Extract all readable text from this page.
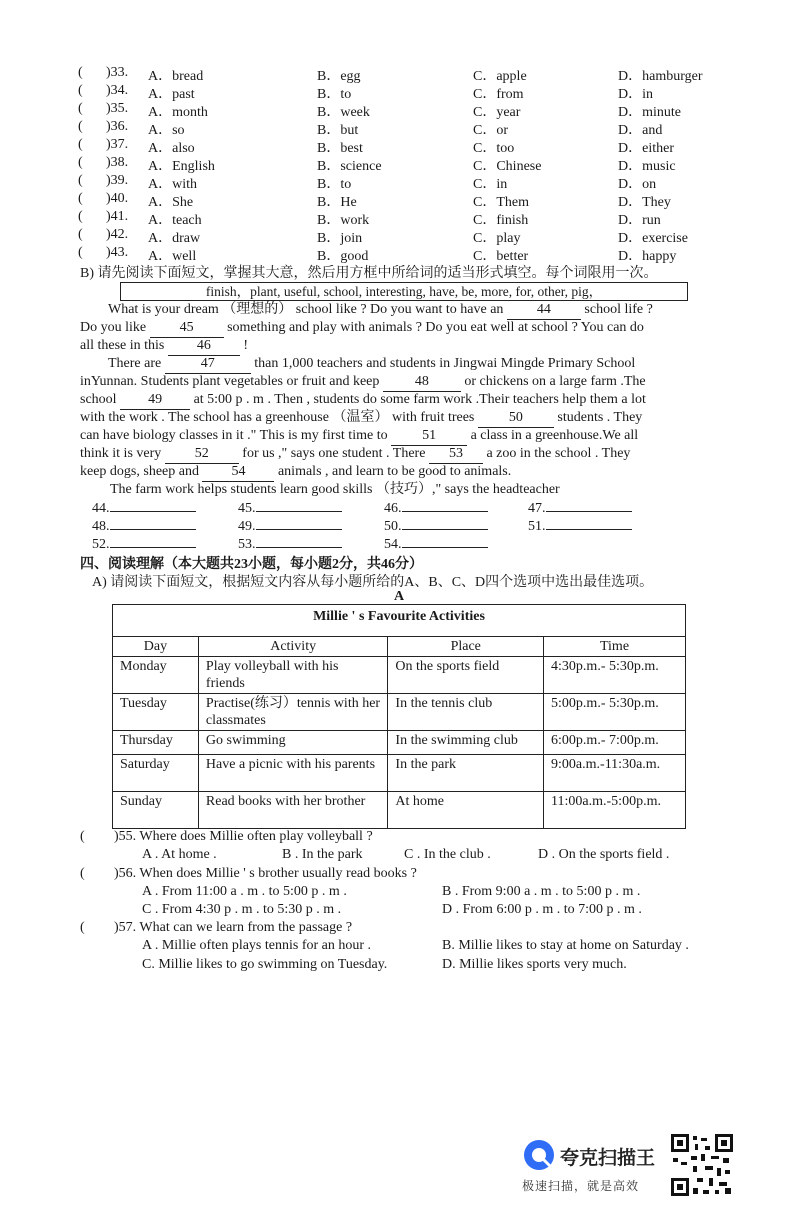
( )33. A．bread	B．egg	C．apple	D．hamburger
( )34. A．past	B．to	C．from	D．in
( )35. A．month	B．week	C．year	D．minute
( )36. A．so	B．but	C．or	D．and
( )37. A．also	B．best	C．too	D．either
( )38. A．English	B．science	C．Chinese	D．music
( )39. A．with	B．to	C．in	D．on
( )40. A．She	B．He	C．Them	D．They
( )41. A．teach	B．work	C．finish	D．run
( )42. A．draw	B．join	C．play	D．exercise
( )43. A．well	B．good	C．better	D．happy
B) 请先阅读下面短文，掌握其大意，然后用方框中所给词的适当形式填空。每个词限用一次。
finish，plant, useful, school, interesting, have, be, more, for, other, pig，
What is your dream （理想的） school like ? Do you want to have an 44 school life ?
Do you like 45 something and play with animals ? Do you eat well at school ? You can do
all these in this 46 !
There are	47	than 1,000 teachers and students in Jingwai Mingde Primary School
inYunnan. Students plant vegetables or fruit and keep	48	or chickens on a large farm .The
school 49 at 5:00 p . m . Then , students do some farm work .Their teachers help them a lot
with the work . The school has a greenhouse （温室） with fruit trees 50 students . They
can have biology classes in it ." This is my first time to 51 a class in a greenhouse.We all
think it is very 52 for us ," says one student . There 53 a zoo in the school . They
keep dogs, sheep and 54 animals , and learn to be good to animals.
The farm work helps students learn good skills （技巧）," says the headteacher
44.	45.	46.	47.
48.	49.	50.	51.
52.	53.	54.
四、阅读理解（本大题共23小题，每小题2分，共46分）
A) 请阅读下面短文，根据短文内容从每小题所给的A、B、C、D四个选项中选出最佳选项。
A
Millie ' s Favourite Activities			
Day	Activity	Place	Time
Monday	Play volleyball with his friends	On the sports field	4:30p.m.- 5:30p.m.
Tuesday	Practise(练习）tennis with her classmates	In the tennis club	5:00p.m.- 5:30p.m.
Thursday	Go swimming	In the swimming club	6:00p.m.- 7:00p.m.
Saturday	Have a picnic with his parents	In the park	9:00a.m.-11:30a.m.
Sunday	Read books with her brother	At home	11:00a.m.-5:00p.m.
( )55. Where does Millie often play volleyball ?
A . At home .	B . In the park	C . In the club .	D . On the sports field .
( )56. When does Millie ' s brother usually read books ?
A . From 11:00 a . m . to 5:00 p . m .	B . From 9:00 a . m . to 5:00 p . m .
C . From 4:30 p . m . to 5:30 p . m .	D . From 6:00 p . m . to 7:00 p . m .
( )57. What can we learn from the passage ?
A . Millie often plays tennis for an hour .	B. Millie likes to stay at home on Saturday .
C. Millie likes to go swimming on Tuesday.	D. Millie likes sports very much.
夸克扫描王
极速扫描，就是高效
